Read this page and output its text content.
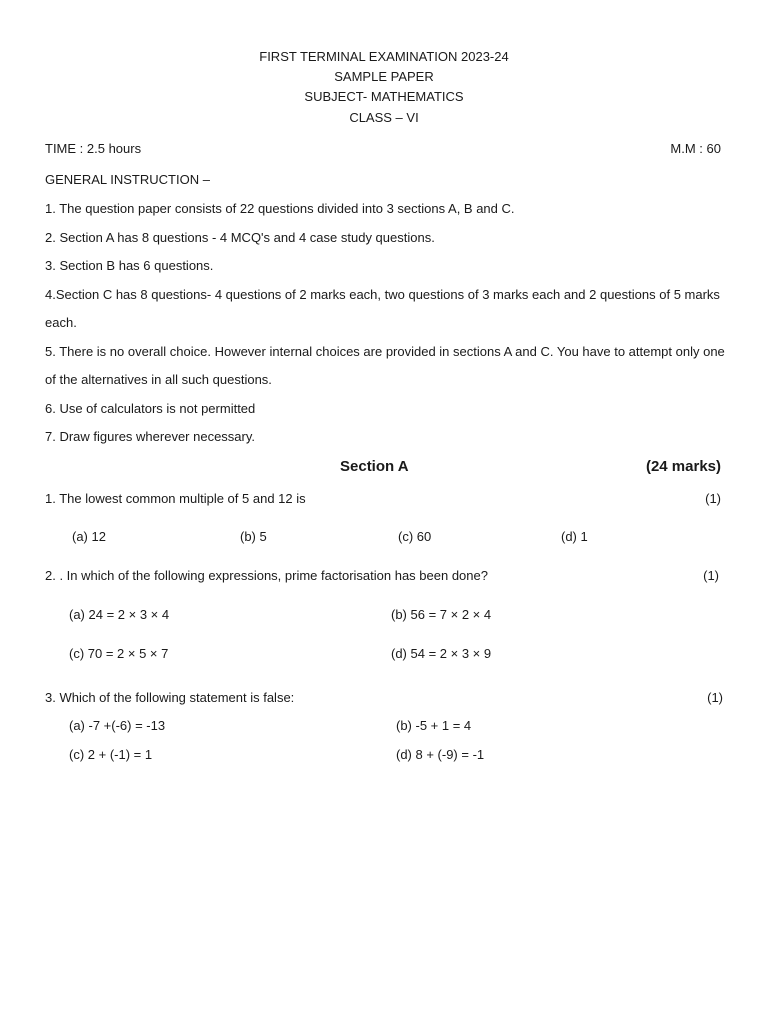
FIRST TERMINAL EXAMINATION 2023-24
SAMPLE PAPER
SUBJECT- MATHEMATICS
CLASS – VI
TIME : 2.5 hours	M.M : 60
GENERAL INSTRUCTION –
1. The question paper consists of 22 questions divided into 3 sections A, B and C.
2. Section A has 8 questions - 4 MCQ's and 4 case study questions.
3. Section B has 6 questions.
4.Section C has 8 questions- 4 questions of 2 marks each, two questions of 3 marks each and 2 questions of 5 marks each.
5. There is no overall choice. However internal choices are provided in sections A and C. You have to attempt only one of the alternatives in all such questions.
6. Use of calculators is not permitted
7. Draw figures wherever necessary.
Section A	(24 marks)
1. The lowest common multiple of 5 and 12 is	(1)
(a) 12	(b) 5	(c) 60	(d) 1
2. . In which of the following expressions, prime factorisation has been done?	(1)
(a) 24 = 2 × 3 × 4	(b) 56 = 7 × 2 × 4
(c) 70 = 2 × 5 × 7	(d) 54 = 2 × 3 × 9
3. Which of the following statement is false:	(1)
(a) -7 +(-6) = -13	(b) -5 + 1 = 4
(c) 2 + (-1) = 1	(d) 8 + (-9) = -1
